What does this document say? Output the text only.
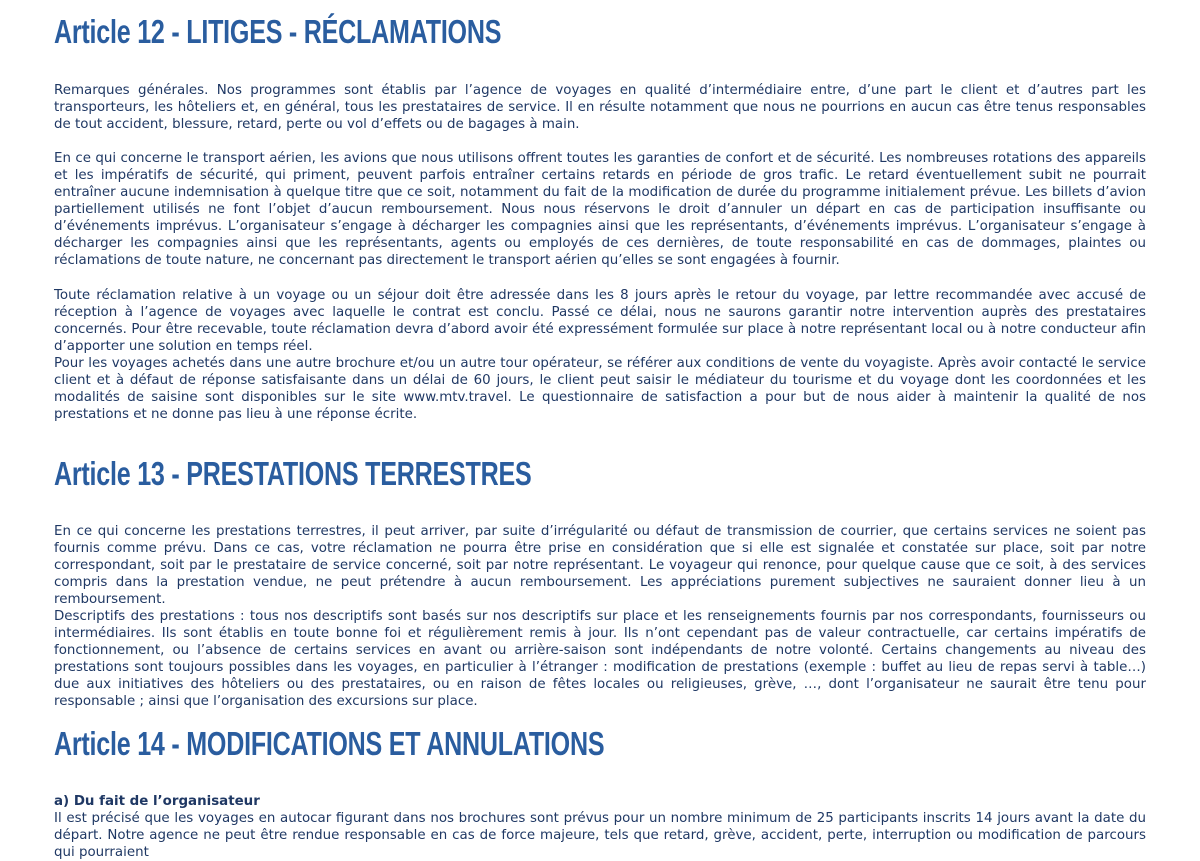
Article 12 - LITIGES - RÉCLAMATIONS

Remarques générales. Nos programmes sont établis par l’agence de voyages en qualité d’intermédiaire entre, d’une part le client et d’autres part les transporteurs, les hôteliers et, en général, tous les prestataires de service. Il en résulte notamment que nous ne pourrions en aucun cas être tenus responsables de tout accident, blessure, retard, perte ou vol d’effets ou de bagages à main.

En ce qui concerne le transport aérien, les avions que nous utilisons offrent toutes les garanties de confort et de sécurité. Les nombreuses rotations des appareils et les impératifs de sécurité, qui priment, peuvent parfois entraîner certains retards en période de gros trafic. Le retard éventuellement subit ne pourrait entraîner aucune indemnisation à quelque titre que ce soit, notamment du fait de la modification de durée du programme initialement prévue. Les billets d’avion partiellement utilisés ne font l’objet d’aucun remboursement. Nous nous réservons le droit d’annuler un départ en cas de participation insuffisante ou d’événements imprévus. L’organisateur s’engage à décharger les compagnies ainsi que les représentants, d’événements imprévus. L’organisateur s’engage à décharger les compagnies ainsi que les représentants, agents ou employés de ces dernières, de toute responsabilité en cas de dommages, plaintes ou réclamations de toute nature, ne concernant pas directement le transport aérien qu’elles se sont engagées à fournir.

Toute réclamation relative à un voyage ou un séjour doit être adressée dans les 8 jours après le retour du voyage, par lettre recommandée avec accusé de réception à l’agence de voyages avec laquelle le contrat est conclu. Passé ce délai, nous ne saurons garantir notre intervention auprès des prestataires concernés. Pour être recevable, toute réclamation devra d’abord avoir été expressément formulée sur place à notre représentant local ou à notre conducteur afin d’apporter une solution en temps réel.
Pour les voyages achetés dans une autre brochure et/ou un autre tour opérateur, se référer aux conditions de vente du voyagiste. Après avoir contacté le service client et à défaut de réponse satisfaisante dans un délai de 60 jours, le client peut saisir le médiateur du tourisme et du voyage dont les coordonnées et les modalités de saisine sont disponibles sur le site www.mtv.travel. Le questionnaire de satisfaction a pour but de nous aider à maintenir la qualité de nos prestations et ne donne pas lieu à une réponse écrite.
Article 13 - PRESTATIONS TERRESTRES
En ce qui concerne les prestations terrestres, il peut arriver, par suite d’irrégularité ou défaut de transmission de courrier, que certains services ne soient pas fournis comme prévu. Dans ce cas, votre réclamation ne pourra être prise en considération que si elle est signalée et constatée sur place, soit par notre correspondant, soit par le prestataire de service concerné, soit par notre représentant. Le voyageur qui renonce, pour quelque cause que ce soit, à des services compris dans la prestation vendue, ne peut prétendre à aucun remboursement. Les appréciations purement subjectives ne sauraient donner lieu à un remboursement.
Descriptifs des prestations : tous nos descriptifs sont basés sur nos descriptifs sur place et les renseignements fournis par nos correspondants, fournisseurs ou intermédiaires. Ils sont établis en toute bonne foi et régulièrement remis à jour. Ils n’ont cependant pas de valeur contractuelle, car certains impératifs de fonctionnement, ou l’absence de certains services en avant ou arrière-saison sont indépendants de notre volonté. Certains changements au niveau des prestations sont toujours possibles dans les voyages, en particulier à l’étranger : modification de prestations (exemple : buffet au lieu de repas servi à table…) due aux initiatives des hôteliers ou des prestataires, ou en raison de fêtes locales ou religieuses, grève, …, dont l’organisateur ne saurait être tenu pour responsable ; ainsi que l’organisation des excursions sur place.
Article 14 - MODIFICATIONS ET ANNULATIONS

a) Du fait de l’organisateur

Il est précisé que les voyages en autocar figurant dans nos brochures sont prévus pour un nombre minimum de 25 participants inscrits 14 jours avant la date du départ. Notre agence ne peut être rendue responsable en cas de force majeure, tels que retard, grève, accident, perte, interruption ou modification de parcours qui pourraient
